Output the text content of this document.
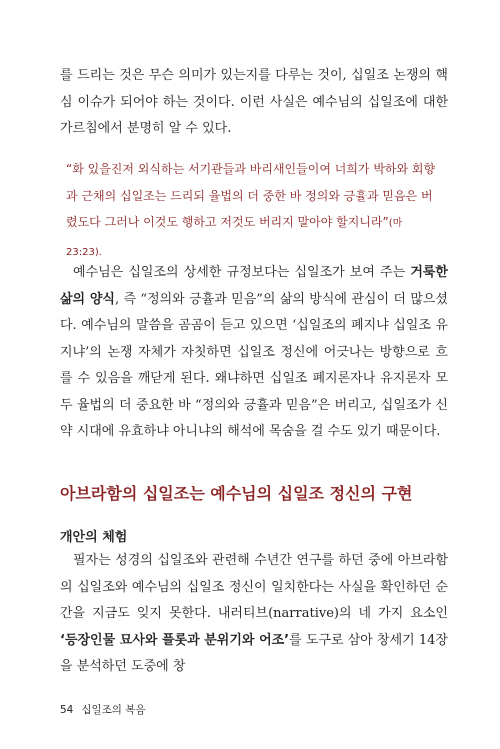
를 드리는 것은 무슨 의미가 있는지를 다루는 것이, 십일조 논쟁의 핵심 이슈가 되어야 하는 것이다. 이런 사실은 예수님의 십일조에 대한 가르침에서 분명히 알 수 있다.

“화 있을진저 외식하는 서기관들과 바리새인들이여 너희가 박하와 회향과 근채의 십일조는 드리되 율법의 더 중한 바 정의와 긍휼과 믿음은 버렸도다 그러나 이것도 행하고 저것도 버리지 말아야 할지니라”(마 23:23).

예수님은 십일조의 상세한 규정보다는 십일조가 보여 주는 거룩한 삶의 양식, 즉 “정의와 긍휼과 믿음”의 삶의 방식에 관심이 더 많으셨다. 예수님의 말씀을 곰곰이 듣고 있으면 ‘십일조의 폐지냐 십일조 유지냐’의 논쟁 자체가 자칫하면 십일조 정신에 어긋나는 방향으로 흐를 수 있음을 깨닫게 된다. 왜냐하면 십일조 폐지론자나 유지론자 모두 율법의 더 중요한 바 “정의와 긍휼과 믿음”은 버리고, 십일조가 신약 시대에 유효하냐 아니냐의 해석에 목숨을 걸 수도 있기 때문이다.

아브라함의 십일조는 예수님의 십일조 정신의 구현
개안의 체험

필자는 성경의 십일조와 관련해 수년간 연구를 하던 중에 아브라함의 십일조와 예수님의 십일조 정신이 일치한다는 사실을 확인하던 순간을 지금도 잊지 못한다. 내러티브(narrative)의 네 가지 요소인 ‘등장인물 묘사와 플롯과 분위기와 어조’를 도구로 삼아 창세기 14장을 분석하던 도중에 창

54 십일조의 복음
